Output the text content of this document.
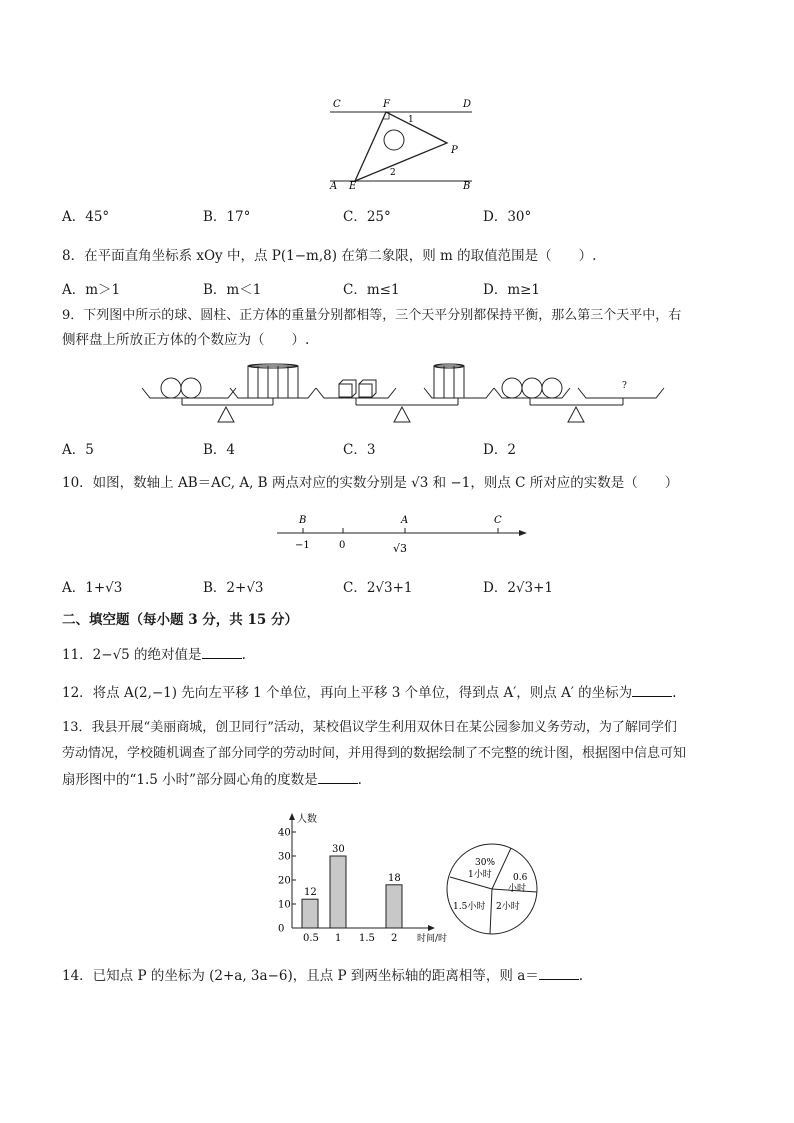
C	F	D
1
P
A E
2
B
A．45°	B．17°	C．25°	D．30°
8．在平面直角坐标系 xOy 中，点 P(1−m,8) 在第二象限，则 m 的取值范围是（　　）.
A．m＞1	B．m＜1	C．m≤1	D．m≥1
9．下列图中所示的球、圆柱、正方体的重量分别都相等，三个天平分别都保持平衡，那么第三个天平中，右
侧秤盘上所放正方体的个数应为（　　）.
?
A．5	B．4	C．3	D．2
10．如图，数轴上 AB＝AC, A, B 两点对应的实数分别是 √3 和 −1，则点 C 所对应的实数是（　　）
B	A	C
−1	0	√3
A．1+√3	B．2+√3	C．2√3+1	D．2√3+1
二、填空题（每小题 3 分，共 15 分）
11．2−√5 的绝对值是	.
12．将点 A(2,−1) 先向左平移 1 个单位，再向上平移 3 个单位，得到点 A′，则点 A′ 的坐标为	.
13．我县开展“美丽商城，创卫同行”活动，某校倡议学生利用双休日在某公园参加义务劳动，为了解同学们
劳动情况，学校随机调查了部分同学的劳动时间，并用得到的数据绘制了不完整的统计图，根据图中信息可知
扇形图中的“1.5 小时”部分圆心角的度数是	.
人数
时间/时
0
10
20
30
40
0.5
12
1
30
1.5 2
18
30%
1小时 0.6
小时
2小时
1.5小时
14．已知点 P 的坐标为 (2+a, 3a−6)，且点 P 到两坐标轴的距离相等，则 a＝	.
